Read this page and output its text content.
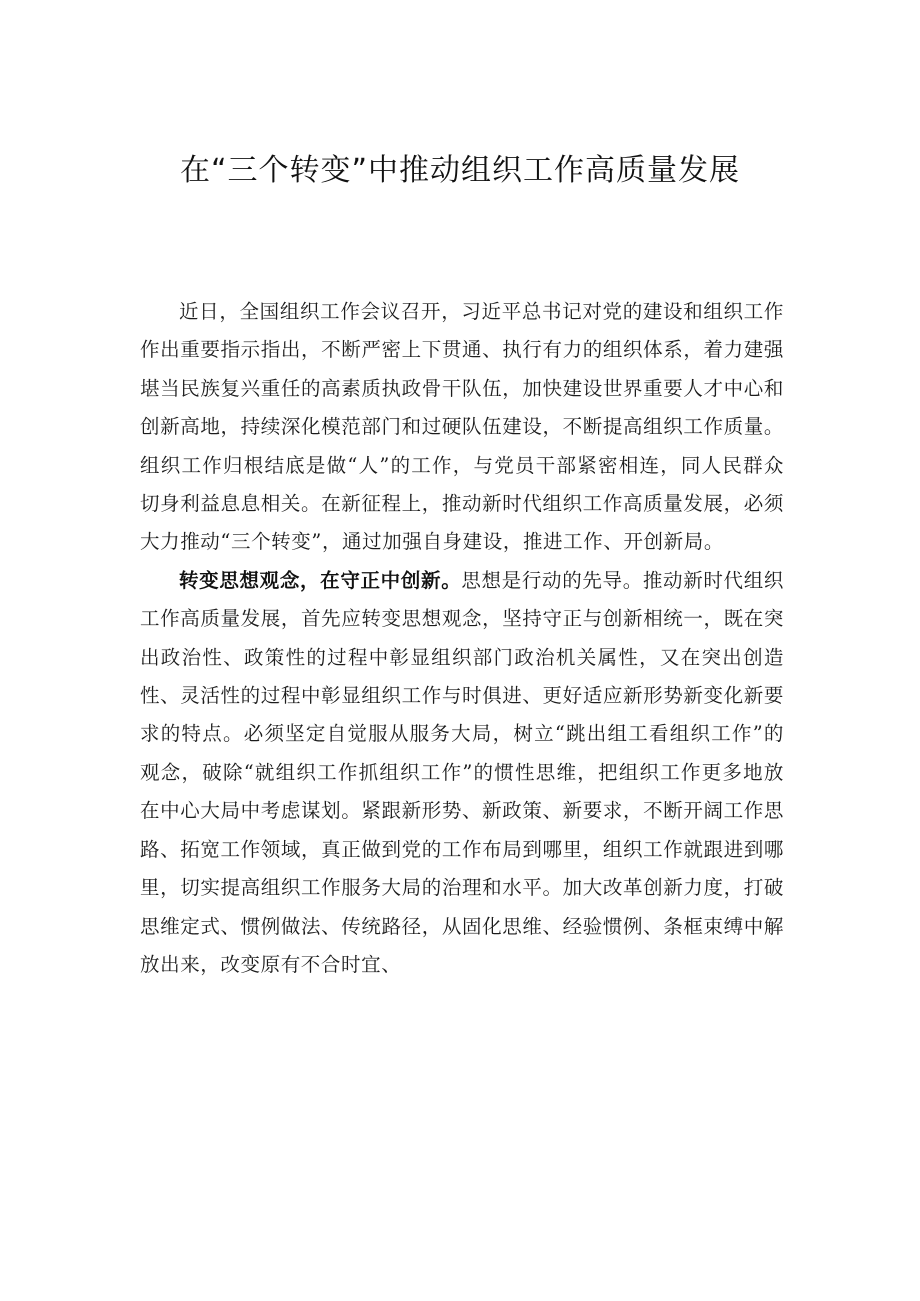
在“三个转变”中推动组织工作高质量发展

近日，全国组织工作会议召开，习近平总书记对党的建设和组织工作作出重要指示指出，不断严密上下贯通、执行有力的组织体系，着力建强堪当民族复兴重任的高素质执政骨干队伍，加快建设世界重要人才中心和创新高地，持续深化模范部门和过硬队伍建设，不断提高组织工作质量。组织工作归根结底是做“人”的工作，与党员干部紧密相连，同人民群众切身利益息息相关。在新征程上，推动新时代组织工作高质量发展，必须大力推动“三个转变”，通过加强自身建设，推进工作、开创新局。

转变思想观念，在守正中创新。思想是行动的先导。推动新时代组织工作高质量发展，首先应转变思想观念，坚持守正与创新相统一，既在突出政治性、政策性的过程中彰显组织部门政治机关属性，又在突出创造性、灵活性的过程中彰显组织工作与时俱进、更好适应新形势新变化新要求的特点。必须坚定自觉服从服务大局，树立“跳出组工看组织工作”的观念，破除“就组织工作抓组织工作”的惯性思维，把组织工作更多地放在中心大局中考虑谋划。紧跟新形势、新政策、新要求，不断开阔工作思路、拓宽工作领域，真正做到党的工作布局到哪里，组织工作就跟进到哪里，切实提高组织工作服务大局的治理和水平。加大改革创新力度，打破思维定式、惯例做法、传统路径，从固化思维、经验惯例、条框束缚中解放出来，改变原有不合时宜、
